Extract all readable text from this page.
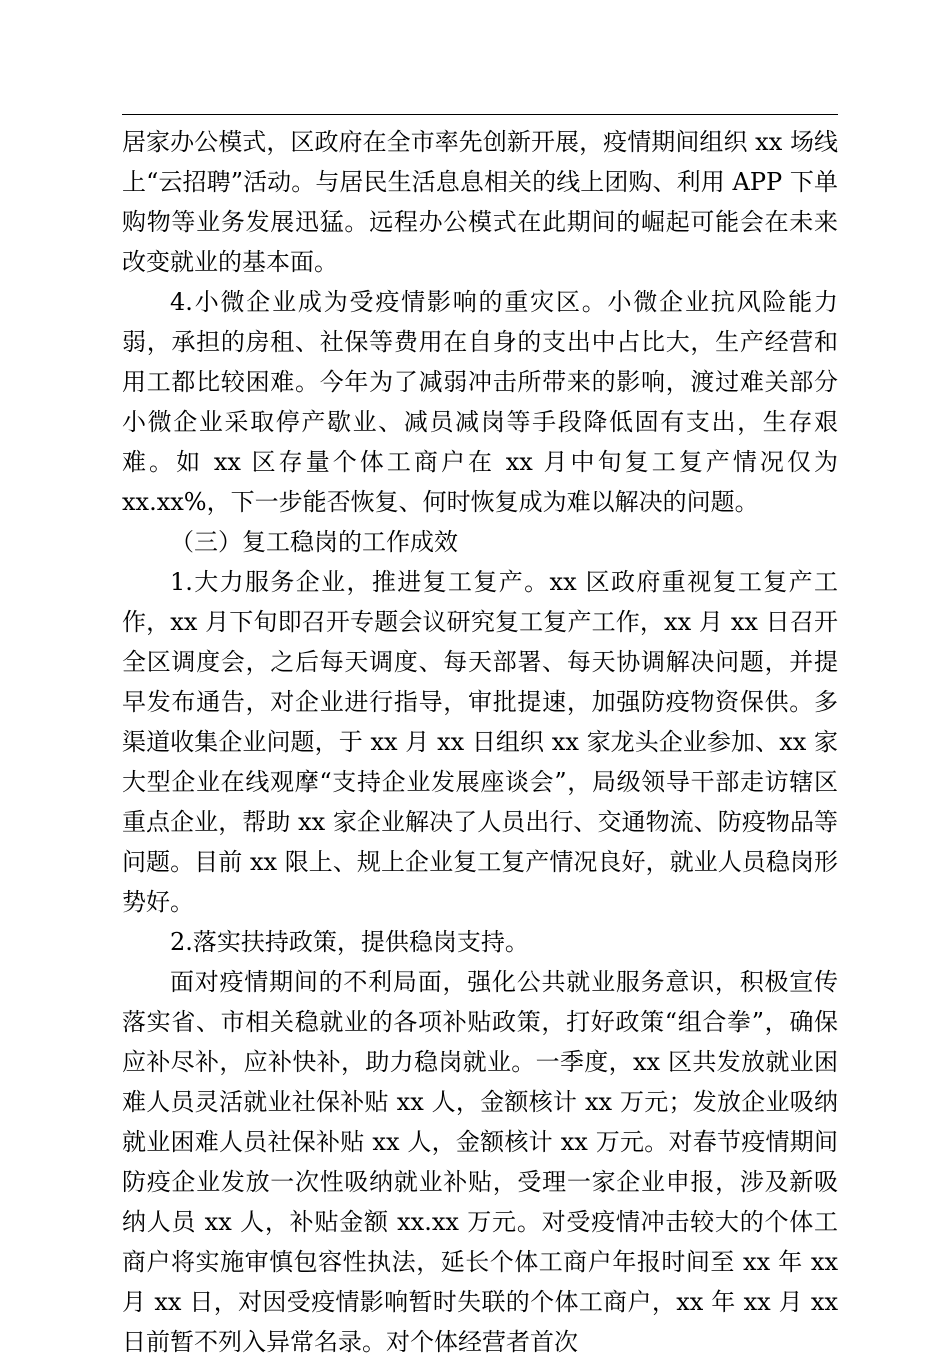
居家办公模式，区政府在全市率先创新开展，疫情期间组织 xx 场线上“云招聘”活动。与居民生活息息相关的线上团购、利用 APP 下单购物等业务发展迅猛。远程办公模式在此期间的崛起可能会在未来改变就业的基本面。

4.小微企业成为受疫情影响的重灾区。小微企业抗风险能力弱，承担的房租、社保等费用在自身的支出中占比大，生产经营和用工都比较困难。今年为了减弱冲击所带来的影响，渡过难关部分小微企业采取停产歇业、减员减岗等手段降低固有支出，生存艰难。如 xx 区存量个体工商户在 xx 月中旬复工复产情况仅为 xx.xx%，下一步能否恢复、何时恢复成为难以解决的问题。

（三）复工稳岗的工作成效

1.大力服务企业，推进复工复产。xx 区政府重视复工复产工作，xx 月下旬即召开专题会议研究复工复产工作，xx 月 xx 日召开全区调度会，之后每天调度、每天部署、每天协调解决问题，并提早发布通告，对企业进行指导，审批提速，加强防疫物资保供。多渠道收集企业问题，于 xx 月 xx 日组织 xx 家龙头企业参加、xx 家大型企业在线观摩“支持企业发展座谈会”，局级领导干部走访辖区重点企业，帮助 xx 家企业解决了人员出行、交通物流、防疫物品等问题。目前 xx 限上、规上企业复工复产情况良好，就业人员稳岗形势好。

2.落实扶持政策，提供稳岗支持。

面对疫情期间的不利局面，强化公共就业服务意识，积极宣传落实省、市相关稳就业的各项补贴政策，打好政策“组合拳”，确保应补尽补，应补快补，助力稳岗就业。一季度，xx 区共发放就业困难人员灵活就业社保补贴 xx 人，金额核计 xx 万元；发放企业吸纳就业困难人员社保补贴 xx 人，金额核计 xx 万元。对春节疫情期间防疫企业发放一次性吸纳就业补贴，受理一家企业申报，涉及新吸纳人员 xx 人，补贴金额 xx.xx 万元。对受疫情冲击较大的个体工商户将实施审慎包容性执法，延长个体工商户年报时间至 xx 年 xx 月 xx 日，对因受疫情影响暂时失联的个体工商户，xx 年 xx 月 xx 日前暂不列入异常名录。对个体经营者首次
